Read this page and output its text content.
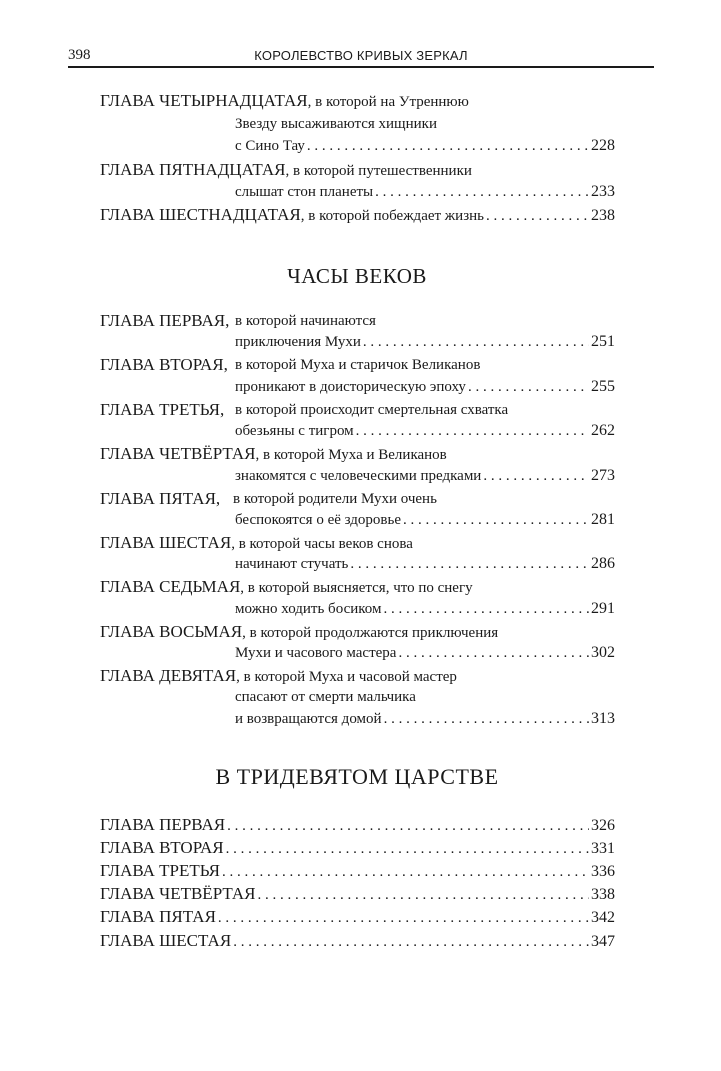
398	КОРОЛЕВСТВО КРИВЫХ ЗЕРКАЛ
ГЛАВА ЧЕТЫРНАДЦАТАЯ, в которой на Утреннюю
Звезду высаживаются хищники
с Сино Тау . . .	228
ГЛАВА ПЯТНАДЦАТАЯ, в которой путешественники
слышат стон планеты . . .	233
ГЛАВА ШЕСТНАДЦАТАЯ , в которой побеждает жизнь . . .	238
ЧАСЫ ВЕКОВ
ГЛАВА ПЕРВАЯ, в которой начинаются
приключения Мухи . . .	251
ГЛАВА ВТОРАЯ, в которой Муха и старичок Великанов
проникают в доисторическую эпоху . . .	255
ГЛАВА ТРЕТЬЯ, в которой происходит смертельная схватка
обезьяны с тигром . . .	262
ГЛАВА ЧЕТВЁРТАЯ, в которой Муха и Великанов
знакомятся с человеческими предками . . .	273
ГЛАВА ПЯТАЯ, в которой родители Мухи очень
беспокоятся о её здоровье . . .	281
ГЛАВА ШЕСТАЯ, в которой часы веков снова
начинают стучать . . .	286
ГЛАВА СЕДЬМАЯ, в которой выясняется, что по снегу
можно ходить босиком . . .	291
ГЛАВА ВОСЬМАЯ, в которой продолжаются приключения
Мухи и часового мастера . . .	302
ГЛАВА ДЕВЯТАЯ, в которой Муха и часовой мастер
спасают от смерти мальчика
и возвращаются домой . . .	313
В ТРИДЕВЯТОМ ЦАРСТВЕ
ГЛАВА ПЕРВАЯ . . .	326
ГЛАВА ВТОРАЯ . . .	331
ГЛАВА ТРЕТЬЯ . . .	336
ГЛАВА ЧЕТВЁРТАЯ . . .	338
ГЛАВА ПЯТАЯ . . .	342
ГЛАВА ШЕСТАЯ . . .	347
